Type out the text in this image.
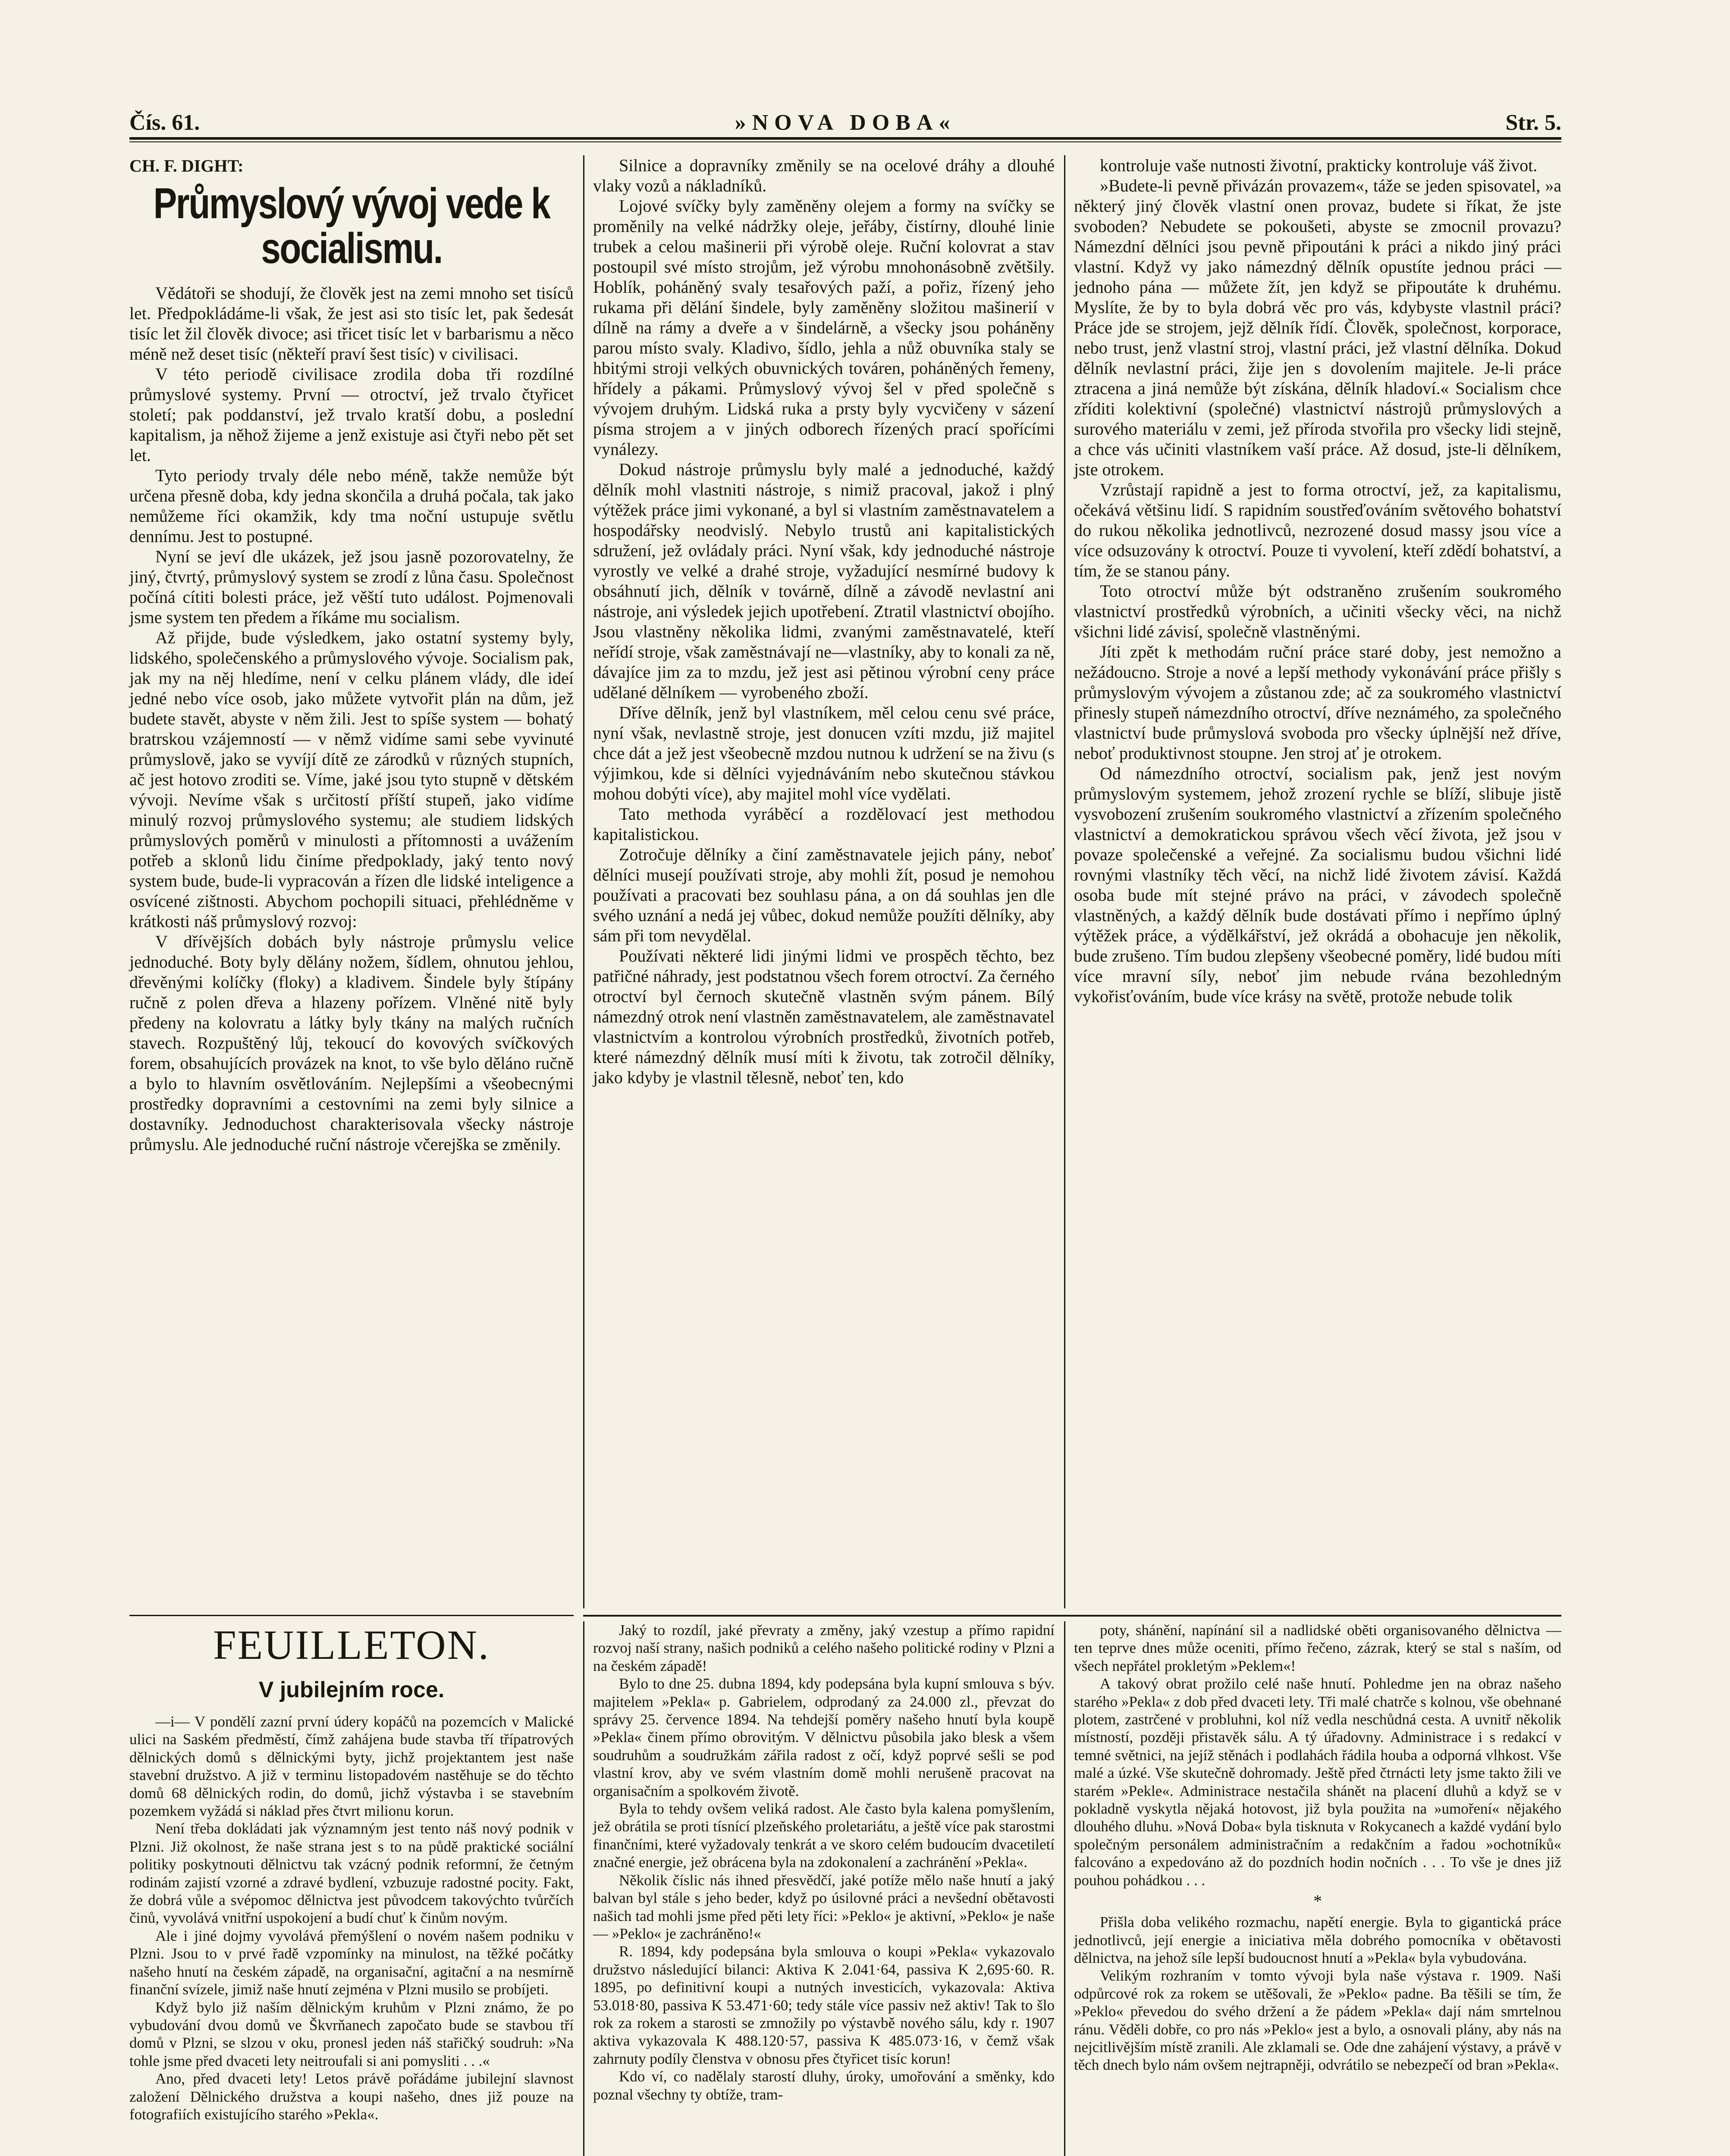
Čís. 61.	»NOVA DOBA«	Str. 5.
CH. F. DIGHT:
Průmyslový vývoj vede k socialismu.

Vědátoři se shodují, že člověk jest na zemi mnoho set tisíců let. Předpokládáme-li však, že jest asi sto tisíc let, pak šedesát tisíc let žil člověk divoce; asi třicet tisíc let v barbarismu a něco méně než deset tisíc (někteří praví šest tisíc) v civilisaci.

V této periodě civilisace zrodila doba tři rozdílné průmyslové systemy. První — otroctví, jež trvalo čtyřicet století; pak poddanství, jež trvalo kratší dobu, a poslední kapitalism, ja něhož žijeme a jenž existuje asi čtyři nebo pět set let.

Tyto periody trvaly déle nebo méně, takže nemůže být určena přesně doba, kdy jedna skončila a druhá počala, tak jako nemůžeme říci okamžik, kdy tma noční ustupuje světlu dennímu. Jest to postupné.

Nyní se jeví dle ukázek, jež jsou jasně pozorovatelny, že jiný, čtvrtý, průmyslový system se zrodí z lůna času. Společnost počíná cítiti bolesti práce, jež věští tuto událost. Pojmenovali jsme system ten předem a říkáme mu socialism.

Až přijde, bude výsledkem, jako ostatní systemy byly, lidského, společenského a průmyslového vývoje. Socialism pak, jak my na něj hledíme, není v celku plánem vlády, dle ideí jedné nebo více osob, jako můžete vytvořit plán na dům, jež budete stavět, abyste v něm žili. Jest to spíše system — bohatý bratrskou vzájemností — v němž vidíme sami sebe vyvinuté průmyslově, jako se vyvíjí dítě ze zárodků v různých stupních, ač jest hotovo zroditi se. Víme, jaké jsou tyto stupně v dětském vývoji. Nevíme však s určitostí příští stupeň, jako vidíme minulý rozvoj průmyslového systemu; ale studiem lidských průmyslových poměrů v minulosti a přítomnosti a uvážením potřeb a sklonů lidu činíme předpoklady, jaký tento nový system bude, bude-li vypracován a řízen dle lidské inteligence a osvícené zištnosti. Abychom pochopili situaci, přehlédněme v krátkosti náš průmyslový rozvoj:

V dřívějších dobách byly nástroje průmyslu velice jednoduché. Boty byly dělány nožem, šídlem, ohnutou jehlou, dřevěnými kolíčky (floky) a kladivem. Šindele byly štípány ručně z polen dřeva a hlazeny pořízem. Vlněné nitě byly předeny na kolovratu a látky byly tkány na malých ručních stavech. Rozpuštěný lůj, tekoucí do kovových svíčkových forem, obsahujících provázek na knot, to vše bylo děláno ručně a bylo to hlavním osvětlováním. Nejlepšími a všeobecnými prostředky dopravními a cestovními na zemi byly silnice a dostavníky. Jednoduchost charakterisovala všecky nástroje průmyslu. Ale jednoduché ruční nástroje včerejška se změnily.

Silnice a dopravníky změnily se na ocelové dráhy a dlouhé vlaky vozů a nákladníků.

Lojové svíčky byly zaměněny olejem a formy na svíčky se proměnily na velké nádržky oleje, jeřáby, čistírny, dlouhé linie trubek a celou mašinerii při výrobě oleje. Ruční kolovrat a stav postoupil své místo strojům, jež výrobu mnohonásobně zvětšily. Hoblík, poháněný svaly tesařových paží, a pořiz, řízený jeho rukama při dělání šindele, byly zaměněny složitou mašinerií v dílně na rámy a dveře a v šindelárně, a všecky jsou poháněny parou místo svaly. Kladivo, šídlo, jehla a nůž obuvníka staly se hbitými stroji velkých obuvnických továren, poháněných řemeny, hřídely a pákami. Průmyslový vývoj šel v před společně s vývojem druhým. Lidská ruka a prsty byly vycvičeny v sázení písma strojem a v jiných odborech řízených prací spořícími vynálezy.

Dokud nástroje průmyslu byly malé a jednoduché, každý dělník mohl vlastniti nástroje, s nimiž pracoval, jakož i plný výtěžek práce jimi vykonané, a byl si vlastním zaměstnavatelem a hospodářsky neodvislý. Nebylo trustů ani kapitalistických sdružení, jež ovládaly práci. Nyní však, kdy jednoduché nástroje vyrostly ve velké a drahé stroje, vyžadující nesmírné budovy k obsáhnutí jich, dělník v továrně, dílně a závodě nevlastní ani nástroje, ani výsledek jejich upotřebení. Ztratil vlastnictví obojího. Jsou vlastněny několika lidmi, zvanými zaměstnavatelé, kteří neřídí stroje, však zaměstnávají ne—vlastníky, aby to konali za ně, dávajíce jim za to mzdu, jež jest asi pětinou výrobní ceny práce udělané dělníkem — vyrobeného zboží.

Dříve dělník, jenž byl vlastníkem, měl celou cenu své práce, nyní však, nevlastně stroje, jest donucen vzíti mzdu, již majitel chce dát a jež jest všeobecně mzdou nutnou k udržení se na živu (s výjimkou, kde si dělníci vyjednáváním nebo skutečnou stávkou mohou dobýti více), aby majitel mohl více vydělati.

Tato methoda vyráběcí a rozdělovací jest methodou kapitalistickou.

Zotročuje dělníky a činí zaměstnavatele jejich pány, neboť dělníci musejí používati stroje, aby mohli žít, posud je nemohou používati a pracovati bez souhlasu pána, a on dá souhlas jen dle svého uznání a nedá jej vůbec, dokud nemůže použíti dělníky, aby sám při tom nevydělal.

Používati některé lidi jinými lidmi ve prospěch těchto, bez patřičné náhrady, jest podstatnou všech forem otroctví. Za černého otroctví byl černoch skutečně vlastněn svým pánem. Bílý námezdný otrok není vlastněn zaměstnavatelem, ale zaměstnavatel vlastnictvím a kontrolou výrobních prostředků, životních potřeb, které námezdný dělník musí míti k životu, tak zotročil dělníky, jako kdyby je vlastnil tělesně, neboť ten, kdo

kontroluje vaše nutnosti životní, prakticky kontroluje váš život.

»Budete-li pevně přivázán provazem«, táže se jeden spisovatel, »a některý jiný člověk vlastní onen provaz, budete si říkat, že jste svoboden? Nebudete se pokoušeti, abyste se zmocnil provazu? Námezdní dělníci jsou pevně připoutáni k práci a nikdo jiný práci vlastní. Když vy jako námezdný dělník opustíte jednou práci — jednoho pána — můžete žít, jen když se připoutáte k druhému. Myslíte, že by to byla dobrá věc pro vás, kdybyste vlastnil práci? Práce jde se strojem, jejž dělník řídí. Člověk, společnost, korporace, nebo trust, jenž vlastní stroj, vlastní práci, jež vlastní dělníka. Dokud dělník nevlastní práci, žije jen s dovolením majitele. Je-li práce ztracena a jiná nemůže být získána, dělník hladoví.« Socialism chce zříditi kolektivní (společné) vlastnictví nástrojů průmyslových a surového materiálu v zemi, jež příroda stvořila pro všecky lidi stejně, a chce vás učiniti vlastníkem vaší práce. Až dosud, jste-li dělníkem, jste otrokem.

Vzrůstají rapidně a jest to forma otroctví, jež, za kapitalismu, očekává většinu lidí. S rapidním soustřeďováním světového bohatství do rukou několika jednotlivců, nezrozené dosud massy jsou více a více odsuzovány k otroctví. Pouze ti vyvolení, kteří zdědí bohatství, a tím, že se stanou pány.

Toto otroctví může být odstraněno zrušením soukromého vlastnictví prostředků výrobních, a učiniti všecky věci, na nichž všichni lidé závisí, společně vlastněnými.

Jíti zpět k methodám ruční práce staré doby, jest nemožno a nežádoucno. Stroje a nové a lepší methody vykonávání práce přišly s průmyslovým vývojem a zůstanou zde; ač za soukromého vlastnictví přinesly stupeň námezdního otroctví, dříve neznámého, za společného vlastnictví bude průmyslová svoboda pro všecky úplnější než dříve, neboť produktivnost stoupne. Jen stroj ať je otrokem.

Od námezdního otroctví, socialism pak, jenž jest novým průmyslovým systemem, jehož zrození rychle se blíží, slibuje jistě vysvobození zrušením soukromého vlastnictví a zřízením společného vlastnictví a demokratickou správou všech věcí života, jež jsou v povaze společenské a veřejné. Za socialismu budou všichni lidé rovnými vlastníky těch věcí, na nichž lidé životem závisí. Každá osoba bude mít stejné právo na práci, v závodech společně vlastněných, a každý dělník bude dostávati přímo i nepřímo úplný výtěžek práce, a výdělkářství, jež okrádá a obohacuje jen několik, bude zrušeno. Tím budou zlepšeny všeobecné poměry, lidé budou míti více mravní síly, neboť jim nebude rvána bezohledným vykořisťováním, bude více krásy na světě, protože nebude tolik

FEUILLETON.
V jubilejním roce.

—i— V pondělí zazní první údery kopáčů na pozemcích v Malické ulici na Saském předměstí, čímž zahájena bude stavba tří třípatrových dělnických domů s dělnickými byty, jichž projektantem jest naše stavební družstvo. A již v terminu listopadovém nastěhuje se do těchto domů 68 dělnických rodin, do domů, jichž výstavba i se stavebním pozemkem vyžádá si náklad přes čtvrt milionu korun.

Není třeba dokládati jak významným jest tento náš nový podnik v Plzni. Již okolnost, že naše strana jest s to na půdě praktické sociální politiky poskytnouti dělnictvu tak vzácný podnik reformní, že četným rodinám zajistí vzorné a zdravé bydlení, vzbuzuje radostné pocity. Fakt, že dobrá vůle a svépomoc dělnictva jest původcem takovýchto tvůrčích činů, vyvolává vnitřní uspokojení a budí chuť k činům novým.

Ale i jiné dojmy vyvolává přemýšlení o novém našem podniku v Plzni. Jsou to v prvé řadě vzpomínky na minulost, na těžké počátky našeho hnutí na českém západě, na organisační, agitační a na nesmírně finanční svízele, jimiž naše hnutí zejména v Plzni musilo se probíjeti.

Když bylo již naším dělnickým kruhům v Plzni známo, že po vybudování dvou domů ve Škvrňanech započato bude se stavbou tří domů v Plzni, se slzou v oku, pronesl jeden náš stařičký soudruh: »Na tohle jsme před dvaceti lety neitroufali si ani pomysliti . . .«

Ano, před dvaceti lety! Letos právě pořádáme jubilejní slavnost založení Dělnického družstva a koupi našeho, dnes již pouze na fotografiích existujícího starého »Pekla«.

Jaký to rozdíl, jaké převraty a změny, jaký vzestup a přímo rapidní rozvoj naší strany, našich podniků a celého našeho politické rodiny v Plzni a na českém západě!

Bylo to dne 25. dubna 1894, kdy podepsána byla kupní smlouva s býv. majitelem »Pekla« p. Gabrielem, odprodaný za 24.000 zl., převzat do správy 25. července 1894. Na tehdejší poměry našeho hnutí byla koupě »Pekla« činem přímo obrovitým. V dělnictvu působila jako blesk a všem soudruhům a soudružkám zářila radost z očí, když poprvé sešli se pod vlastní krov, aby ve svém vlastním domě mohli nerušeně pracovat na organisačním a spolkovém životě.

Byla to tehdy ovšem veliká radost. Ale často byla kalena pomyšlením, jež obrátila se proti tísnící plzeňského proletariátu, a ještě více pak starostmi finančními, které vyžadovaly tenkrát a ve skoro celém budoucím dvacetiletí značné energie, jež obrácena byla na zdokonalení a zachránění »Pekla«.

Několik číslic nás ihned přesvědčí, jaké potíže mělo naše hnutí a jaký balvan byl stále s jeho beder, když po úsilovné práci a nevšední obětavosti našich tad mohli jsme před pěti lety říci: »Peklo« je aktivní, »Peklo« je naše — »Peklo« je zachráněno!«

R. 1894, kdy podepsána byla smlouva o koupi »Pekla« vykazovalo družstvo následující bilanci: Aktiva K 2.041·64, passiva K 2,695·60. R. 1895, po definitivní koupi a nutných investicích, vykazovala: Aktiva 53.018·80, passiva K 53.471·60; tedy stále více passiv než aktiv! Tak to šlo rok za rokem a starosti se zmnožily po výstavbě nového sálu, kdy r. 1907 aktiva vykazovala K 488.120·57, passiva K 485.073·16, v čemž však zahrnuty podíly členstva v obnosu přes čtyřicet tisíc korun!

Kdo ví, co nadělaly starostí dluhy, úroky, umořování a směnky, kdo poznal všechny ty obtíže, tram-

poty, shánění, napínání sil a nadlidské oběti organisovaného dělnictva — ten teprve dnes může oceniti, přímo řečeno, zázrak, který se stal s naším, od všech nepřátel prokletým »Peklem«!

A takový obrat prožilo celé naše hnutí. Pohledme jen na obraz našeho starého »Pekla« z dob před dvaceti lety. Tři malé chatrče s kolnou, vše obehnané plotem, zastrčené v probluhni, kol níž vedla neschůdná cesta. A uvnitř několik místností, později přistavěk sálu. A tý úřadovny. Administrace i s redakcí v temné světnici, na jejíž stěnách i podlahách řádila houba a odporná vlhkost. Vše malé a úzké. Vše skutečně dohromady. Ještě před čtrnácti lety jsme takto žili ve starém »Pekle«. Administrace nestačila shánět na placení dluhů a když se v pokladně vyskytla nějaká hotovost, již byla použita na »umoření« nějakého dlouhého dluhu. »Nová Doba« byla tisknuta v Rokycanech a každé vydání bylo společným personálem administračním a redakčním a řadou »ochotníků« falcováno a expedováno až do pozdních hodin nočních . . . To vše je dnes již pouhou pohádkou . . .

*

Přišla doba velikého rozmachu, napětí energie. Byla to gigantická práce jednotlivců, její energie a iniciativa měla dobrého pomocníka v obětavosti dělnictva, na jehož síle lepší budoucnost hnutí a »Pekla« byla vybudována.

Velikým rozhraním v tomto vývoji byla naše výstava r. 1909. Naši odpůrcové rok za rokem se utěšovali, že »Peklo« padne. Ba těšili se tím, že »Peklo« převedou do svého držení a že pádem »Pekla« dají nám smrtelnou ránu. Věděli dobře, co pro nás »Peklo« jest a bylo, a osnovali plány, aby nás na nejcitlivějším místě zranili. Ale zklamali se. Ode dne zahájení výstavy, a právě v těch dnech bylo nám ovšem nejtrapněji, odvrátilo se nebezpečí od bran »Pekla«.
